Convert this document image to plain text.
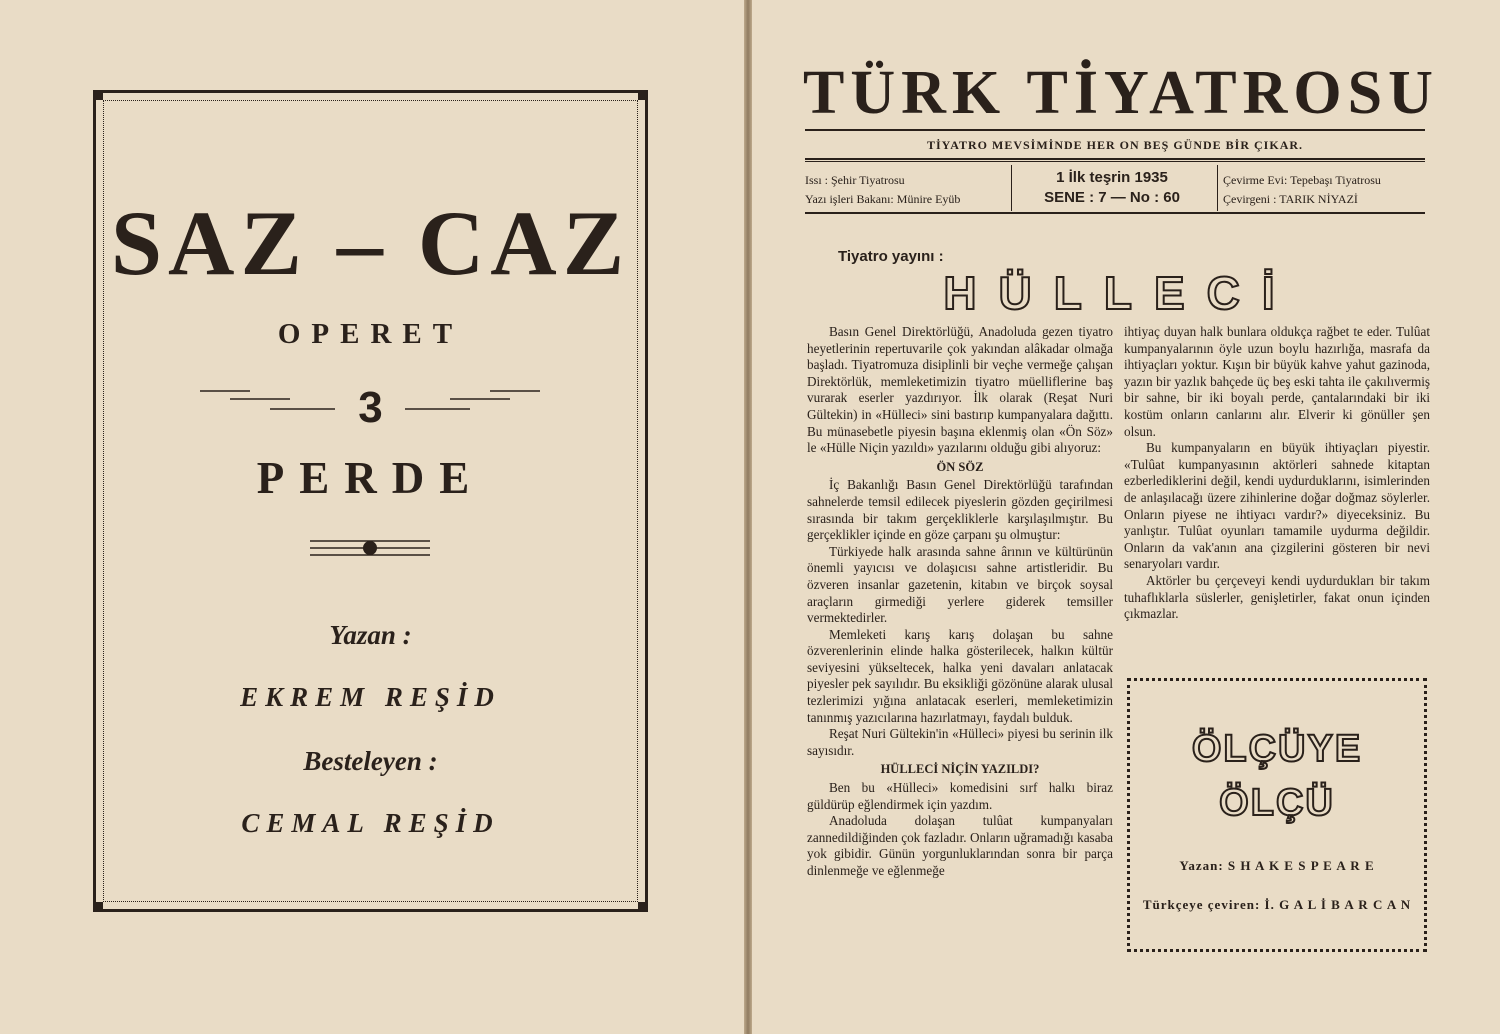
SAZ – CAZ
OPERET
3
PERDE
Yazan :
EKREM REŞİD
Besteleyen :
CEMAL REŞİD
TÜRK TİYATROSU
TİYATRO MEVSİMİNDE HER ON BEŞ GÜNDE BİR ÇIKAR.
Issı : Şehir Tiyatrosu
Yazı işleri Bakanı: Münire Eyüb
1 İlk teşrin 1935
SENE : 7 — No : 60
Çevirme Evi: Tepebaşı Tiyatrosu
Çevirgeni : TARIK NİYAZİ
Tiyatro yayını :
HÜLLECİ

Basın Genel Direktörlüğü, Anadoluda gezen tiyatro heyetlerinin repertuvarile çok yakından alâkadar olmağa başladı. Tiyatromuza disiplinli bir veçhe vermeğe çalışan Direktörlük, memleketimizin tiyatro müelliflerine baş vurarak eserler yazdırıyor. İlk olarak (Reşat Nuri Gültekin) in «Hülleci» sini bastırıp kumpanyalara dağıttı. Bu münasebetle piyesin başına eklenmiş olan «Ön Söz» le «Hülle Niçin yazıldı» yazılarını olduğu gibi alıyoruz:

ÖN SÖZ

İç Bakanlığı Basın Genel Direktörlüğü tarafından sahnelerde temsil edilecek piyeslerin gözden geçirilmesi sırasında bir takım gerçekliklerle karşılaşılmıştır. Bu gerçeklikler içinde en göze çarpanı şu olmuştur:

Türkiyede halk arasında sahne ârının ve kültürünün önemli yayıcısı ve dolaşıcısı sahne artistleridir. Bu özveren insanlar gazetenin, kitabın ve birçok soysal araçların girmediği yerlere giderek temsiller vermektedirler.

Memleketi karış karış dolaşan bu sahne özverenlerinin elinde halka gösterilecek, halkın kültür seviyesini yükseltecek, halka yeni davaları anlatacak piyesler pek sayılıdır. Bu eksikliği gözönüne alarak ulusal tezlerimizi yığına anlatacak eserleri, memleketimizin tanınmış yazıcılarına hazırlatmayı, faydalı bulduk.

Reşat Nuri Gültekin'in «Hülleci» piyesi bu serinin ilk sayısıdır.

HÜLLECİ NİÇİN YAZILDI?

Ben bu «Hülleci» komedisini sırf halkı biraz güldürüp eğlendirmek için yazdım.

Anadoluda dolaşan tulûat kumpanyaları zannedildiğinden çok fazladır. Onların uğramadığı kasaba yok gibidir. Günün yorgunluklarından sonra bir parça dinlenmeğe ve eğlenmeğe

ihtiyaç duyan halk bunlara oldukça rağbet te eder. Tulûat kumpanyalarının öyle uzun boylu hazırlığa, masrafa da ihtiyaçları yoktur. Kışın bir büyük kahve yahut gazinoda, yazın bir yazlık bahçede üç beş eski tahta ile çakılıvermiş bir sahne, bir iki boyalı perde, çantalarındaki bir iki kostüm onların canlarını alır. Elverir ki gönüller şen olsun.

Bu kumpanyaların en büyük ihtiyaçları piyestir. «Tulûat kumpanyasının aktörleri sahnede kitaptan ezberlediklerini değil, kendi uydurduklarını, isimlerinden de anlaşılacağı üzere zihinlerine doğar doğmaz söylerler. Onların piyese ne ihtiyacı vardır?» diyeceksiniz. Bu yanlıştır. Tulûat oyunları tamamile uydurma değildir. Onların da vak'anın ana çizgilerini gösteren bir nevi senaryoları vardır.

Aktörler bu çerçeveyi kendi uydurdukları bir takım tuhaflıklarla süslerler, genişletirler, fakat onun içinden çıkmazlar.

ÖLÇÜYE
ÖLÇÜ
Yazan: S H A K E S P E A R E
Türkçeye çeviren: İ. G A L İ B A R C A N
